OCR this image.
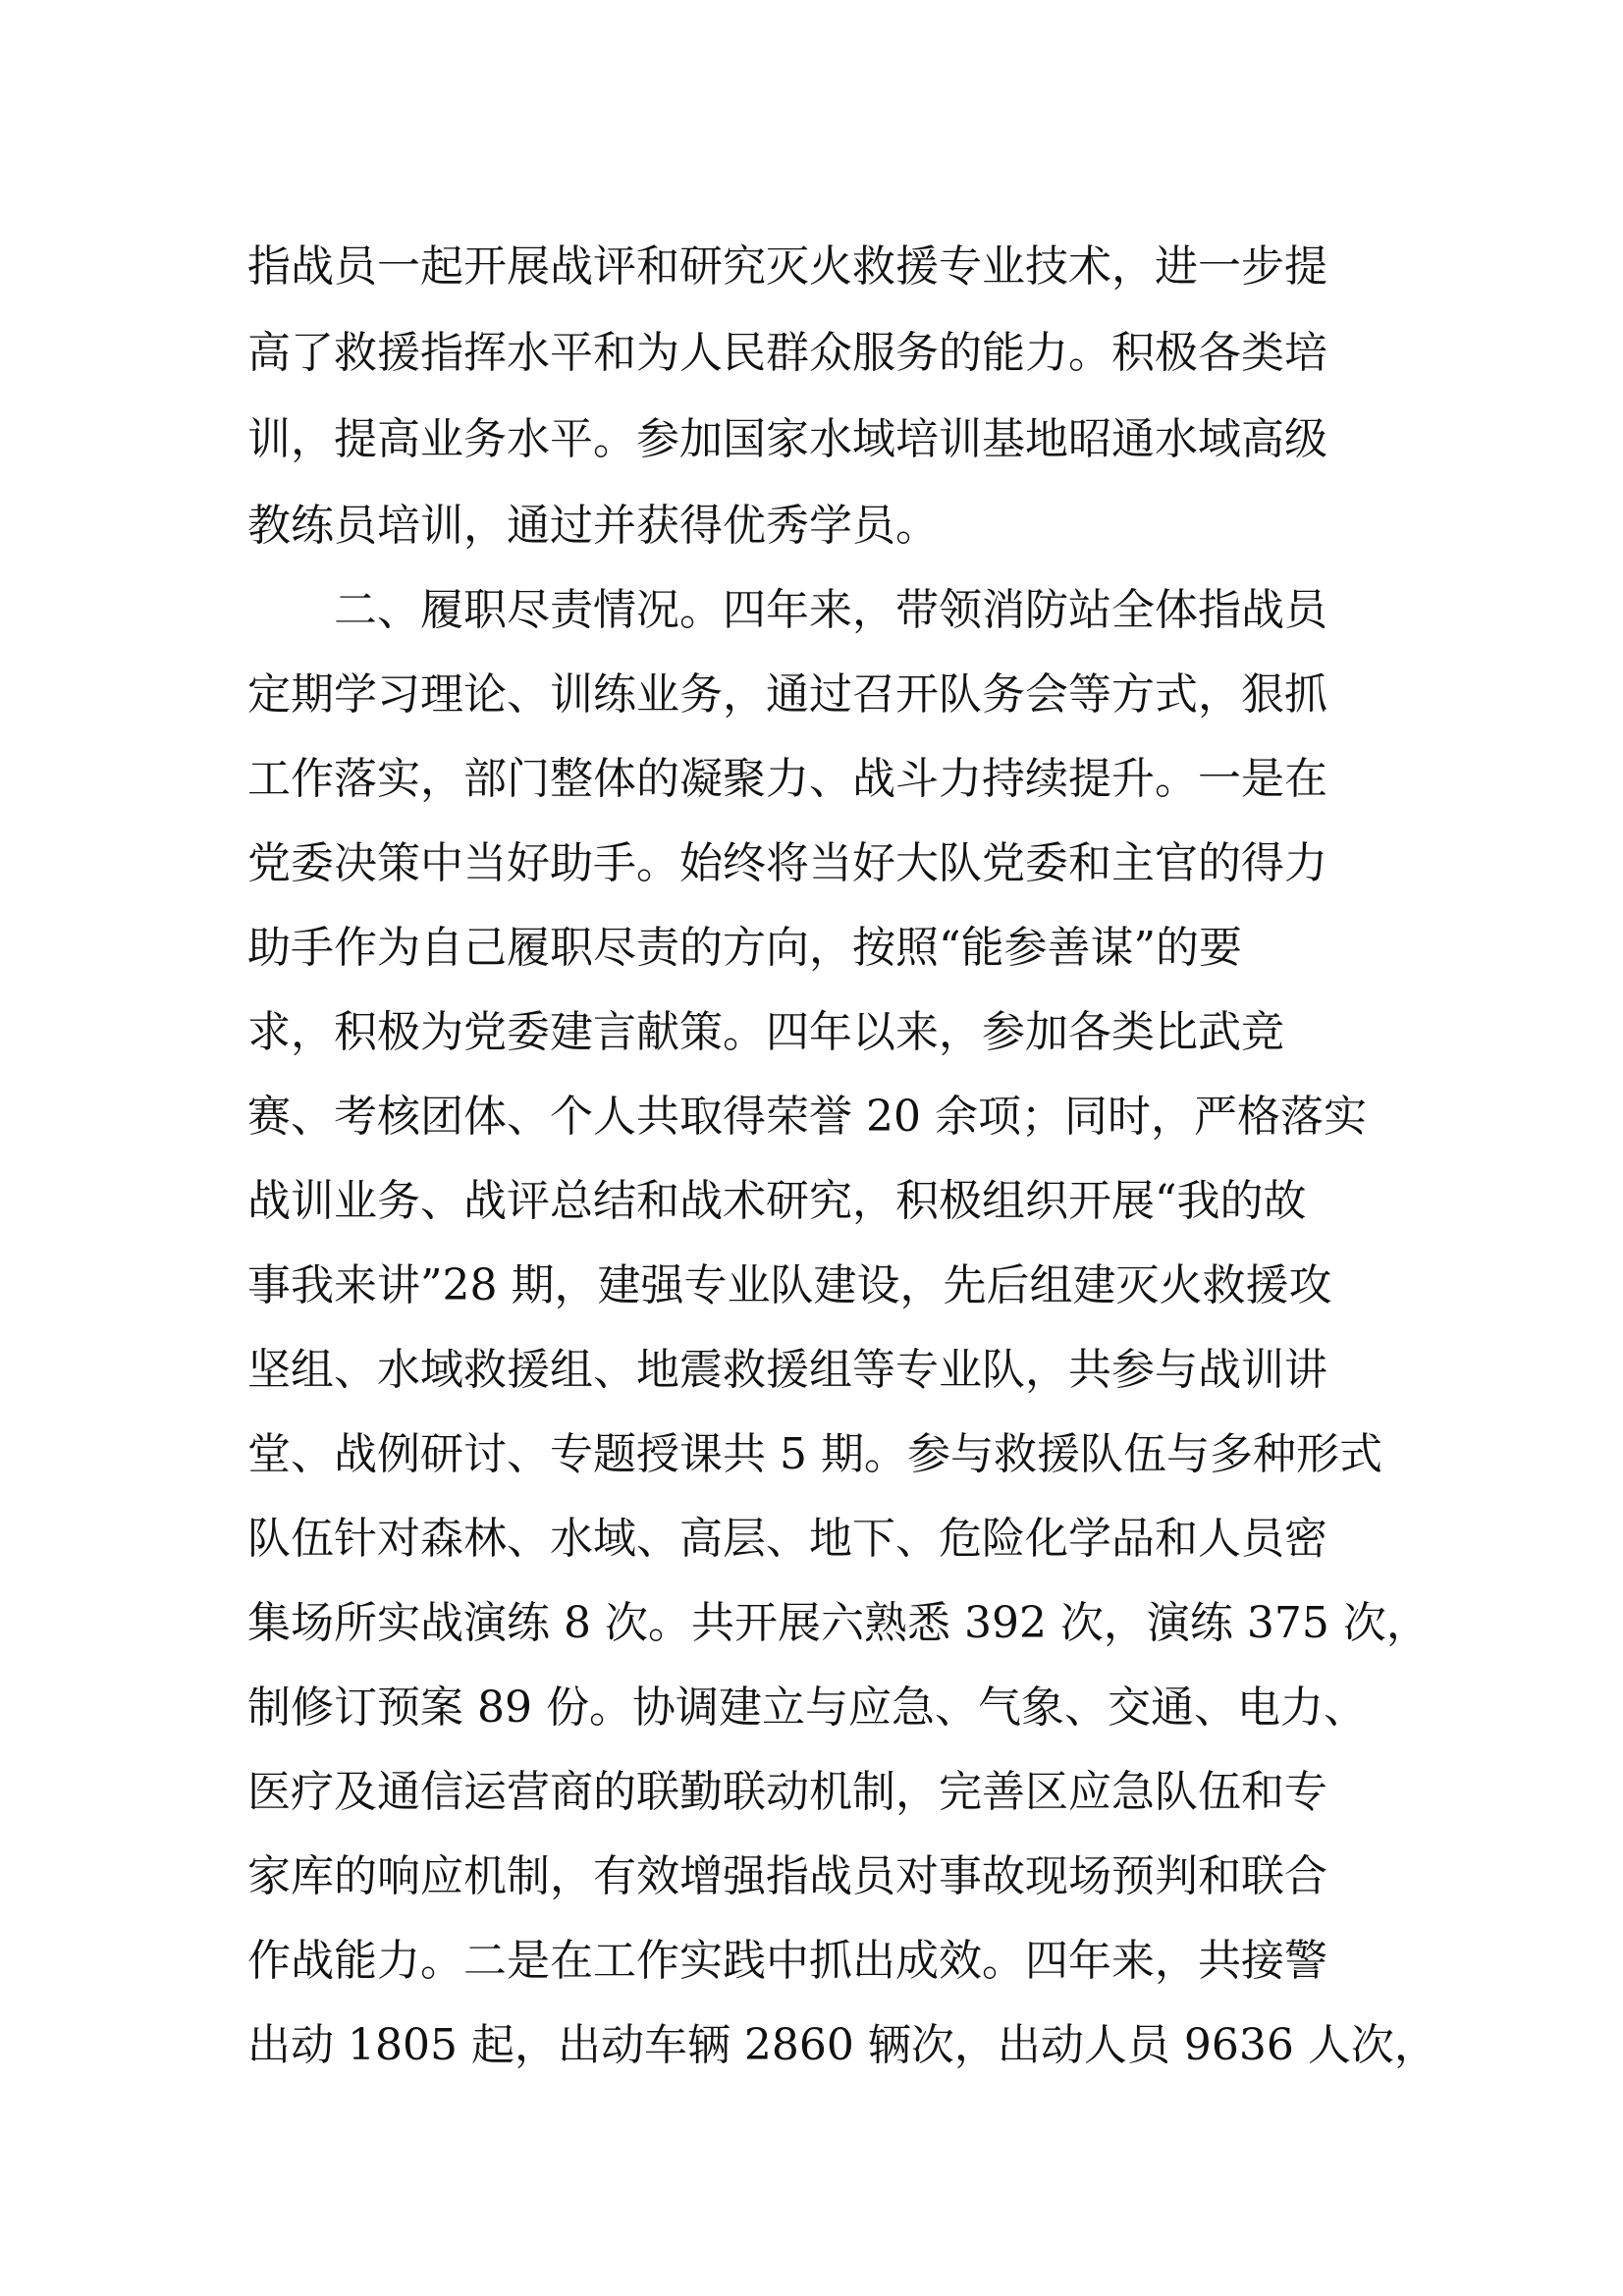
指战员一起开展战评和研究灭火救援专业技术，进一步提

高了救援指挥水平和为人民群众服务的能力。积极各类培

训，提高业务水平。参加国家水域培训基地昭通水域高级

教练员培训，通过并获得优秀学员。

二、履职尽责情况。四年来，带领消防站全体指战员

定期学习理论、训练业务，通过召开队务会等方式，狠抓

工作落实，部门整体的凝聚力、战斗力持续提升。一是在

党委决策中当好助手。始终将当好大队党委和主官的得力

助手作为自己履职尽责的方向，按照“能参善谋”的要

求，积极为党委建言献策。四年以来，参加各类比武竞

赛、考核团体、个人共取得荣誉 20 余项；同时，严格落实

战训业务、战评总结和战术研究，积极组织开展“我的故

事我来讲”28 期，建强专业队建设，先后组建灭火救援攻

坚组、水域救援组、地震救援组等专业队，共参与战训讲

堂、战例研讨、专题授课共 5 期。参与救援队伍与多种形式

队伍针对森林、水域、高层、地下、危险化学品和人员密

集场所实战演练 8 次。共开展六熟悉 392 次，演练 375 次，

制修订预案 89 份。协调建立与应急、气象、交通、电力、

医疗及通信运营商的联勤联动机制，完善区应急队伍和专

家库的响应机制，有效增强指战员对事故现场预判和联合

作战能力。二是在工作实践中抓出成效。四年来，共接警

出动 1805 起，出动车辆 2860 辆次，出动人员 9636 人次，
